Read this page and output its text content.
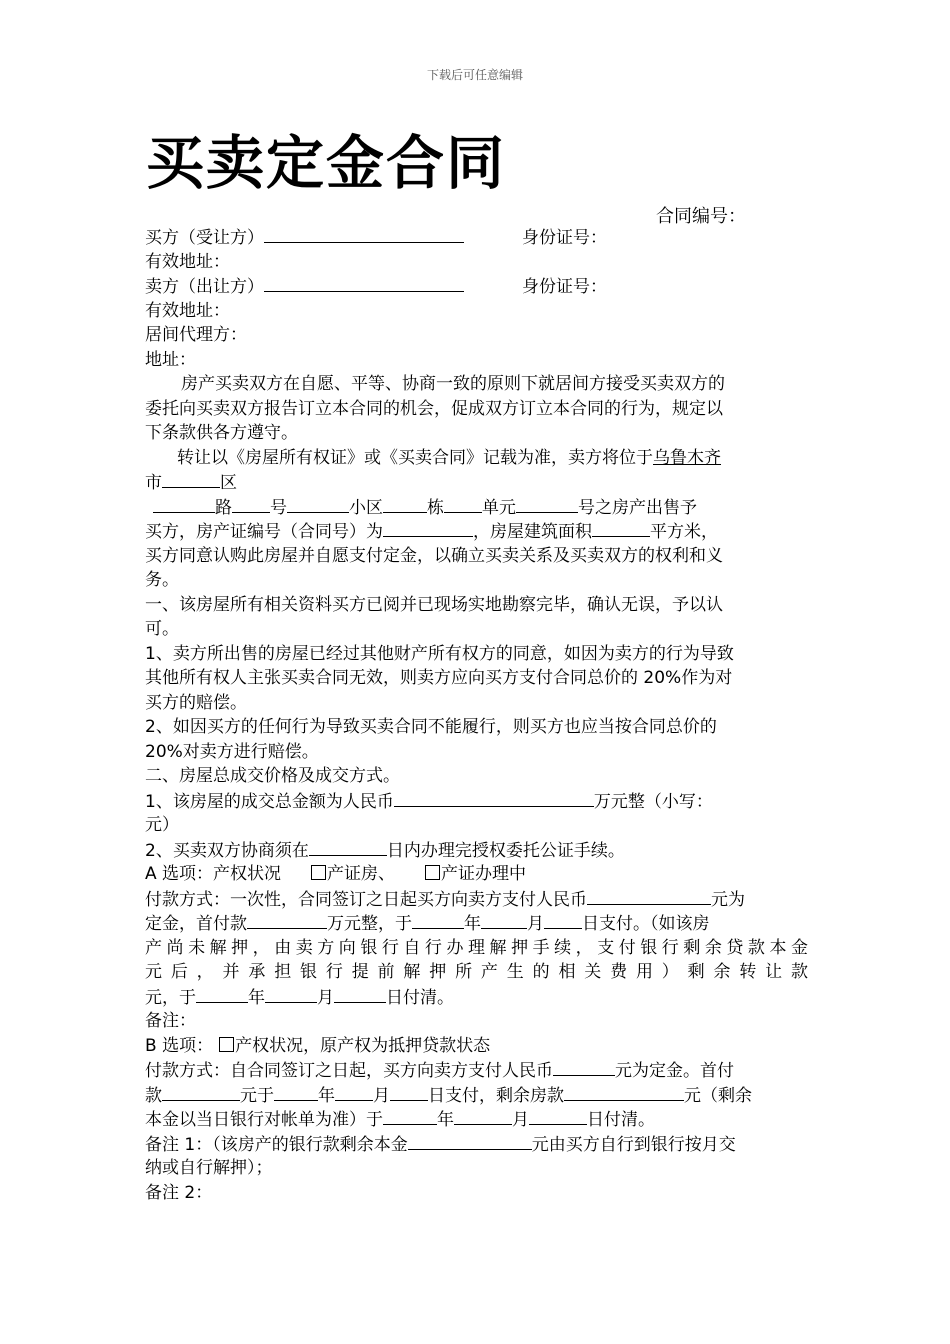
下载后可任意编辑
买卖定金合同
合同编号：
买方（受让方）	身份证号：
有效地址：
卖方（出让方）	身份证号：
有效地址：
居间代理方：
地址：
房产买卖双方在自愿、平等、协商一致的原则下就居间方接受买卖双方的
委托向买卖双方报告订立本合同的机会，促成双方订立本合同的行为，规定以
下条款供各方遵守。
转让以《房屋所有权证》或《买卖合同》记载为准，卖方将位于乌鲁木齐
市	区
路 号	小区	栋 单元	号之房产出售予
买方，房产证编号（合同号）为	，房屋建筑面积	平方米，
买方同意认购此房屋并自愿支付定金，以确立买卖关系及买卖双方的权利和义
务。
一、该房屋所有相关资料买方已阅并已现场实地勘察完毕，确认无误，予以认
可。
1、卖方所出售的房屋已经过其他财产所有权方的同意，如因为卖方的行为导致
其他所有权人主张买卖合同无效，则卖方应向买方支付合同总价的 20%作为对
买方的赔偿。
2、如因买方的任何行为导致买卖合同不能履行，则买方也应当按合同总价的
20%对卖方进行赔偿。
二、房屋总成交价格及成交方式。
1、该房屋的成交总金额为人民币	万元整（小写：
元）
2、买卖双方协商须在	日内办理完授权委托公证手续。
A 选项：产权状况	产证房、	产证办理中
付款方式：一次性，合同签订之日起买方向卖方支付人民币	元为
定金，首付款	万元整，于	年	月 日支付。（如该房
产尚未解押，由卖方向银行自行办理解押手续，支付银行剩余贷款本金
元后，并承担银行提前解押所产生的相关费用）剩余转让款
元，于	年	月	日付清。
备注：
B 选项： 产权状况，原产权为抵押贷款状态
付款方式：自合同签订之日起，买方向卖方支付人民币	元为定金。首付
款	元于	年 月 日支付，剩余房款	元（剩余
本金以当日银行对帐单为准）于	年	月	日付清。
备注 1：（该房产的银行款剩余本金	元由买方自行到银行按月交
纳或自行解押）；
备注 2：
